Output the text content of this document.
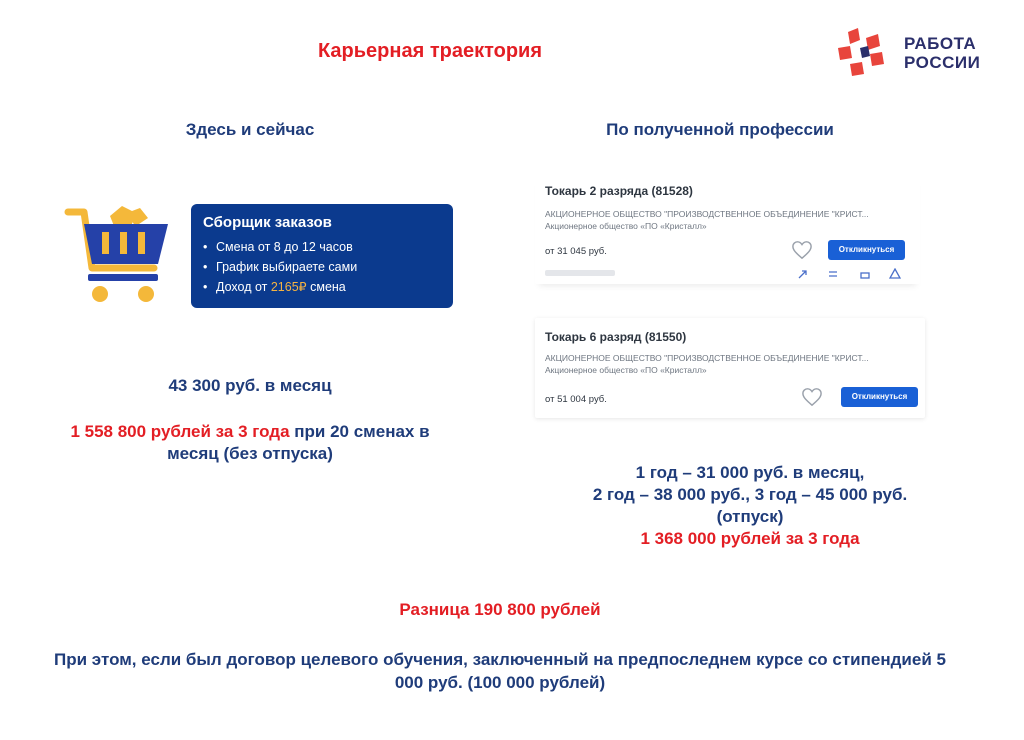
Карьерная траектория	РАБОТА
РОССИИ
Здесь и сейчас	По полученной профессии
Сборщик заказов
• Смена от 8 до 12 часов
• График выбираете сами
• Доход от 2165₽ смена
43 300 руб. в месяц
1 558 800 рублей за 3 года при 20 сменах в месяц (без отпуска)
Токарь 2 разряда (81528)
АКЦИОНЕРНОЕ ОБЩЕСТВО "ПРОИЗВОДСТВЕННОЕ ОБЪЕДИНЕНИЕ "КРИСТ...
Акционерное общество «ПО «Кристалл»
от 31 045 руб.	Откликнуться
Токарь 6 разряд (81550)
АКЦИОНЕРНОЕ ОБЩЕСТВО "ПРОИЗВОДСТВЕННОЕ ОБЪЕДИНЕНИЕ "КРИСТ...
Акционерное общество «ПО «Кристалл»
от 51 004 руб.	Откликнуться
1 год – 31 000 руб. в месяц,
2 год – 38 000 руб., 3 год – 45 000 руб.
(отпуск)
1 368 000 рублей за 3 года
Разница 190 800 рублей
При этом, если был договор целевого обучения, заключенный на предпоследнем курсе со стипендией 5 000 руб. (100 000 рублей)
